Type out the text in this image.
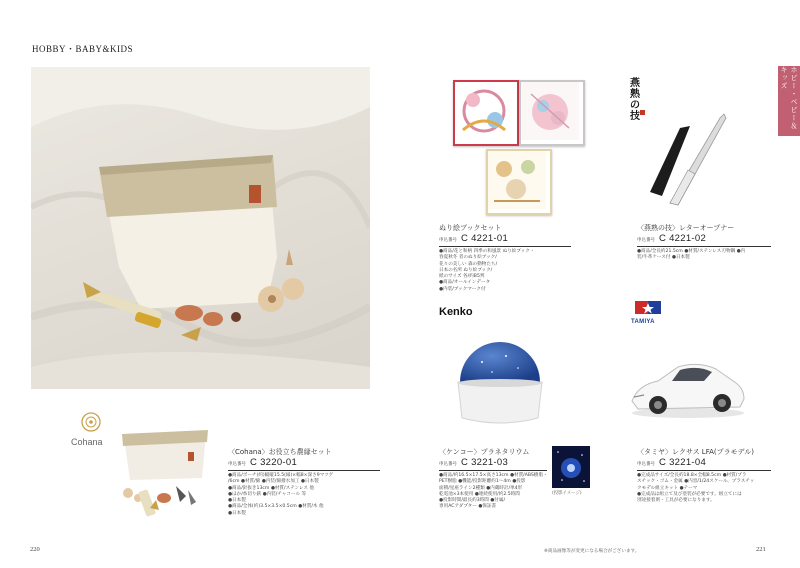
HOBBY・BABY&KIDS
Cohana
〈Cohana〉お役立ち農縁セット
申込番号 C 3220-01
●商品/ボーチ(約)幅縦15.5(縁)×幅8×深さ9マツゲ
/6cm ●材質/綿 ●内装/綿撥水加工 ●日本製
●商品/針抜き13cm ●材質/ステンレス 他
●ほか/糸切り鋏 ●内装/チャコール 等
●日本製
●商品/全体(約)3.5×3.5×0.5cm ●材質/木 他
●日本製
ホビー・ベビー＆キッズ
ぬり絵ブックセット
申込番号 C 4221-01
●商品/花と和柄 四季の和風景 ぬり絵ブック・
春夏秋冬 者のぬり絵ブック/
花々の美しい 森の動物たち/
日本の名所 ぬり絵ブック/
紙のサイズ 各/約B5判
●商品/オールインデータ
●内装/ブックマーク付
燕熟の技
〈燕熟の技〉レターオープナー
申込番号 C 4221-02
●商品/全長約21.5cm ●材質/ステンレス刃物鋼 ●内
装/牛革ケース付 ●日本製
Kenko
(投影イメージ)
〈ケンコー〉プラネタリウム
申込番号 C 3221-03
●商品/約16.5×17.5×高さ13cm ●材質/ABS樹脂・
PET樹脂 ●機能/投影距離約1～4m ●投影
面積/星座ライン2種類 ●内蔵時計/単4形
乾電池×3本使用 ●連続使用/約2.5時間
●投影時間/最長約3時間 ●付属/
専用ACアダプター ●保証書
TAMIYA
〈タミヤ〉レクサス LFA(プラモデル)
申込番号 C 3221-04
●完成品サイズ/全長約18.8×全幅8.5cm ●材質/プラ
スチック・ゴム・金属 ●内容/1/24スケール、プラスチッ
クモデル組立キット ●テーマ
●完成品は組立て及び塗装が必要です。組立てには
別途接着剤・工具が必要になります。
220	※商品画像等が変更になる場合がございます。	221
